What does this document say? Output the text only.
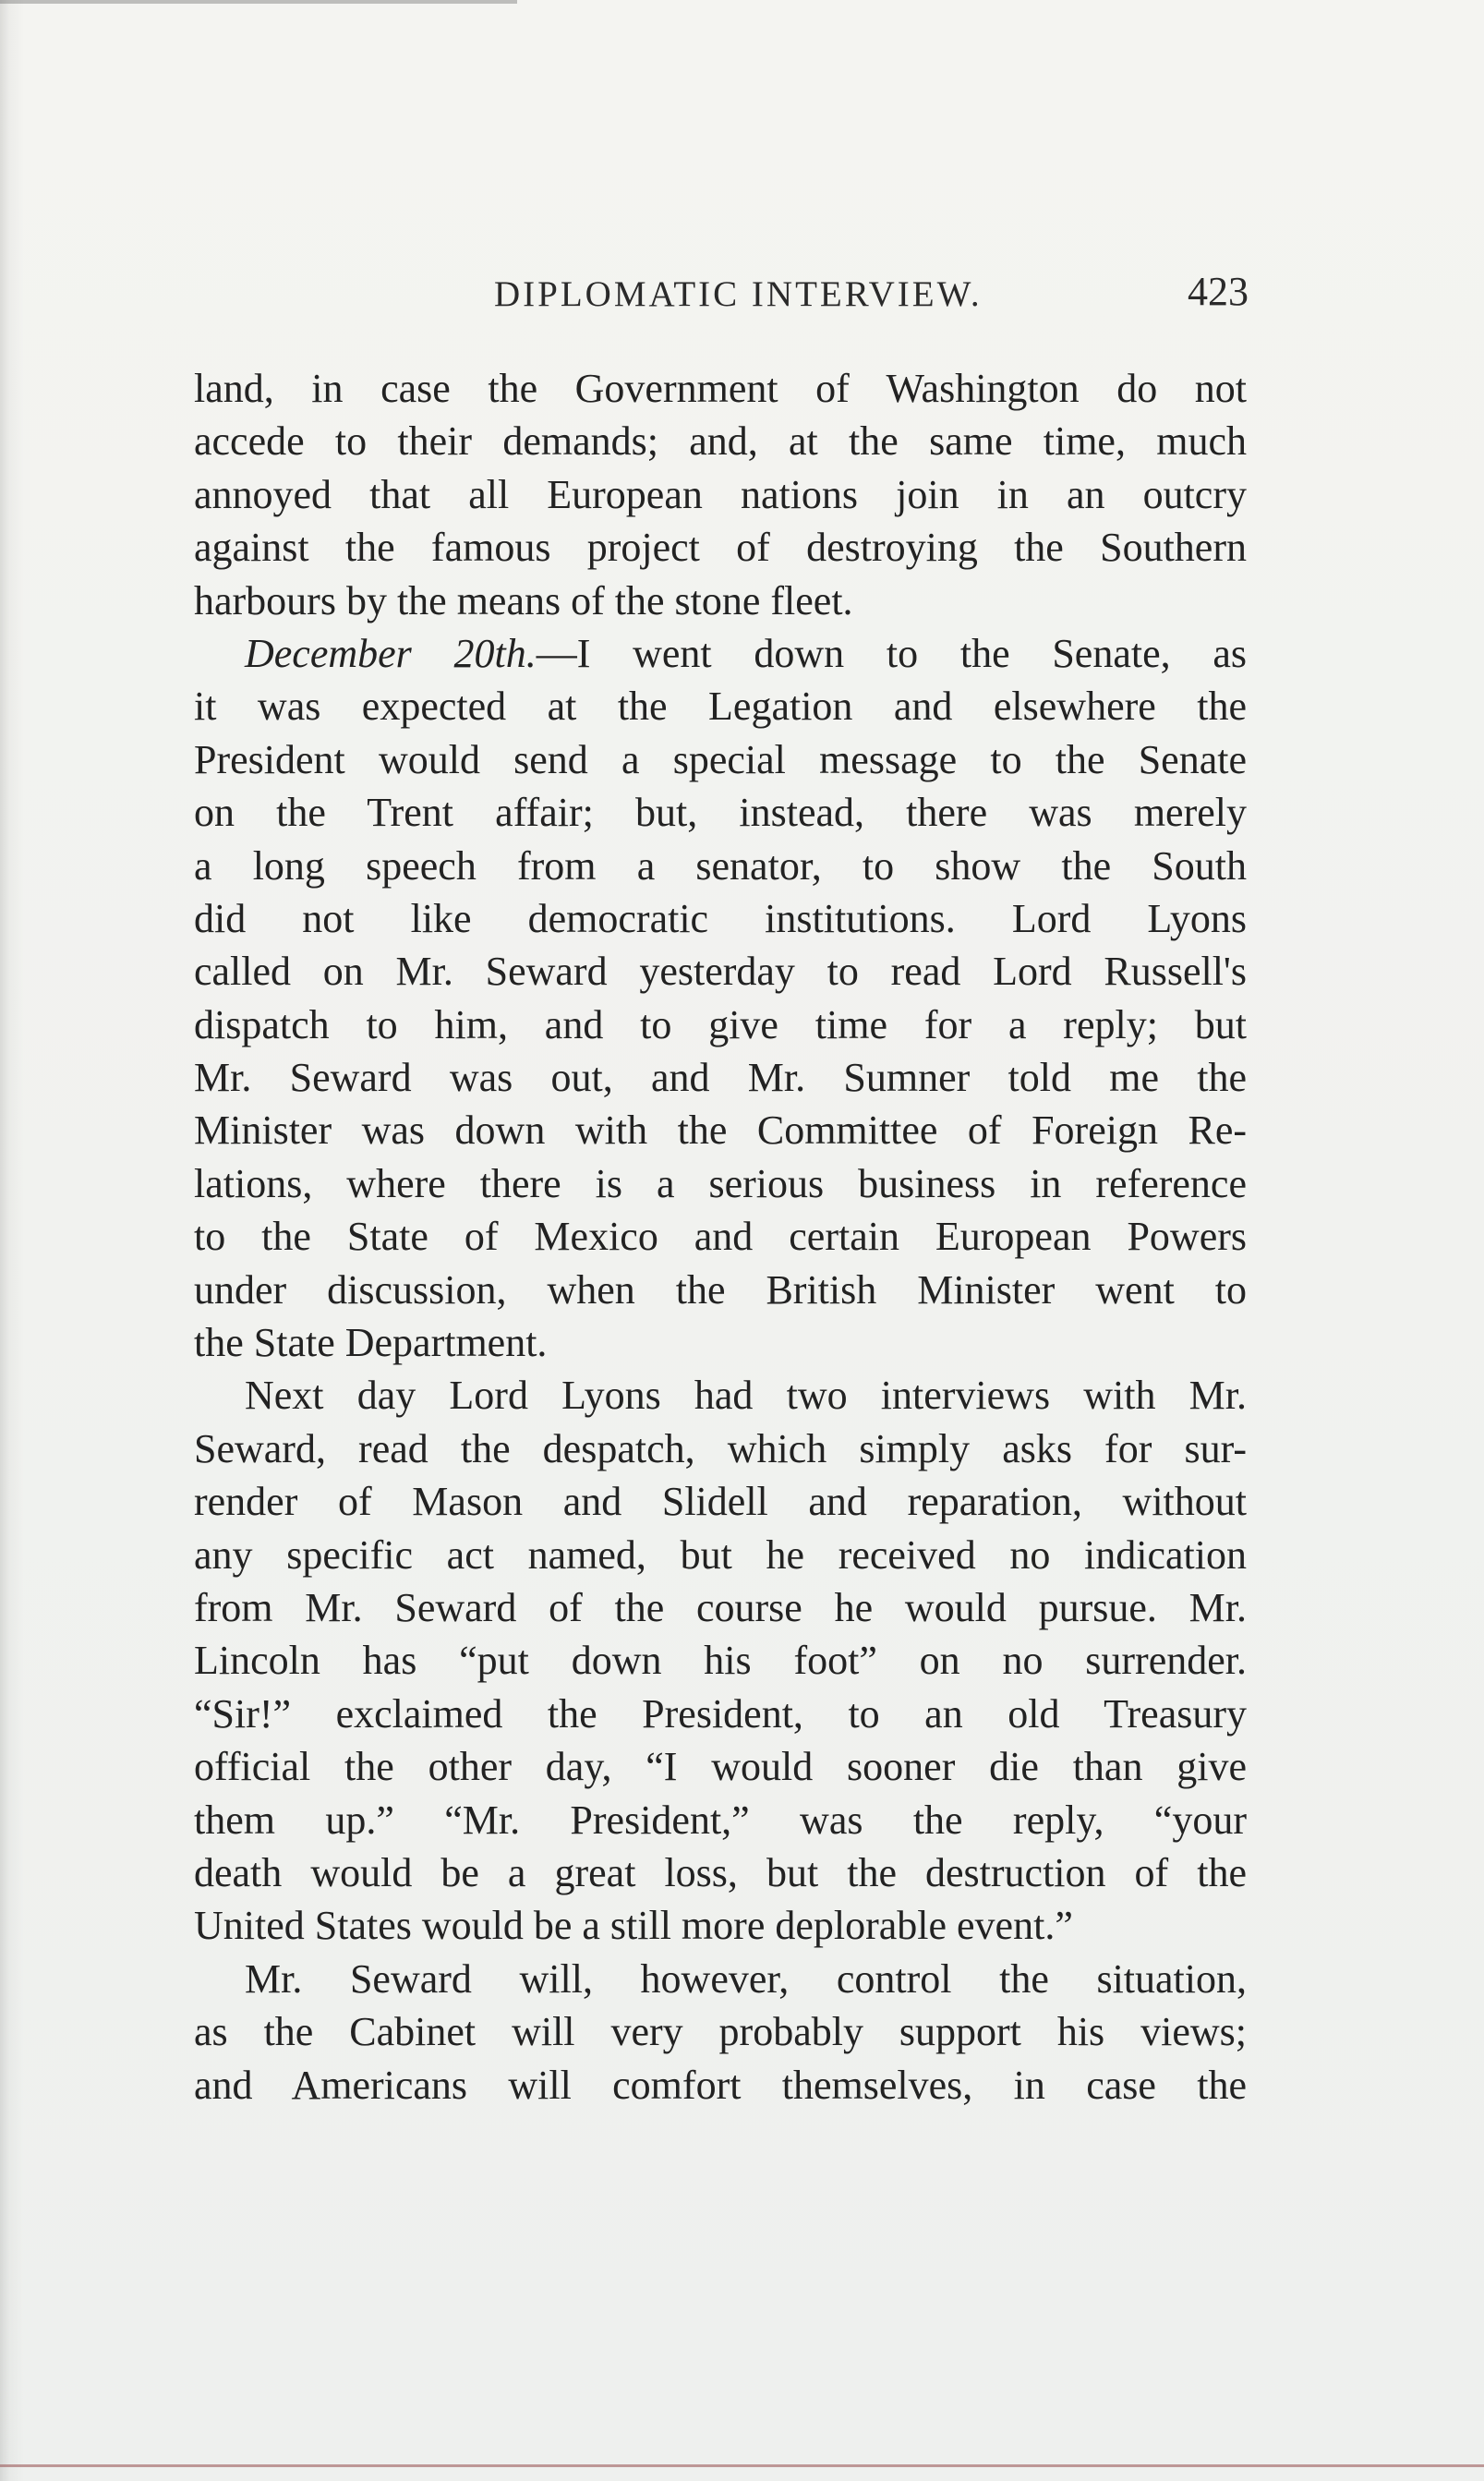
DIPLOMATIC INTERVIEW.	423
land, in case the Government of Washington do not
accede to their demands; and, at the same time, much
annoyed that all European nations join in an outcry
against the famous project of destroying the Southern
harbours by the means of the stone fleet.
December 20th.—I went down to the Senate, as
it was expected at the Legation and elsewhere the
President would send a special message to the Senate
on the Trent affair; but, instead, there was merely
a long speech from a senator, to show the South
did not like democratic institutions. Lord Lyons
called on Mr. Seward yesterday to read Lord Russell's
dispatch to him, and to give time for a reply; but
Mr. Seward was out, and Mr. Sumner told me the
Minister was down with the Committee of Foreign Re-
lations, where there is a serious business in reference
to the State of Mexico and certain European Powers
under discussion, when the British Minister went to
the State Department.
Next day Lord Lyons had two interviews with Mr.
Seward, read the despatch, which simply asks for sur-
render of Mason and Slidell and reparation, without
any specific act named, but he received no indication
from Mr. Seward of the course he would pursue. Mr.
Lincoln has “put down his foot” on no surrender.
“Sir!” exclaimed the President, to an old Treasury
official the other day, “I would sooner die than give
them up.” “Mr. President,” was the reply, “your
death would be a great loss, but the destruction of the
United States would be a still more deplorable event.”
Mr. Seward will, however, control the situation,
as the Cabinet will very probably support his views;
and Americans will comfort themselves, in case the
